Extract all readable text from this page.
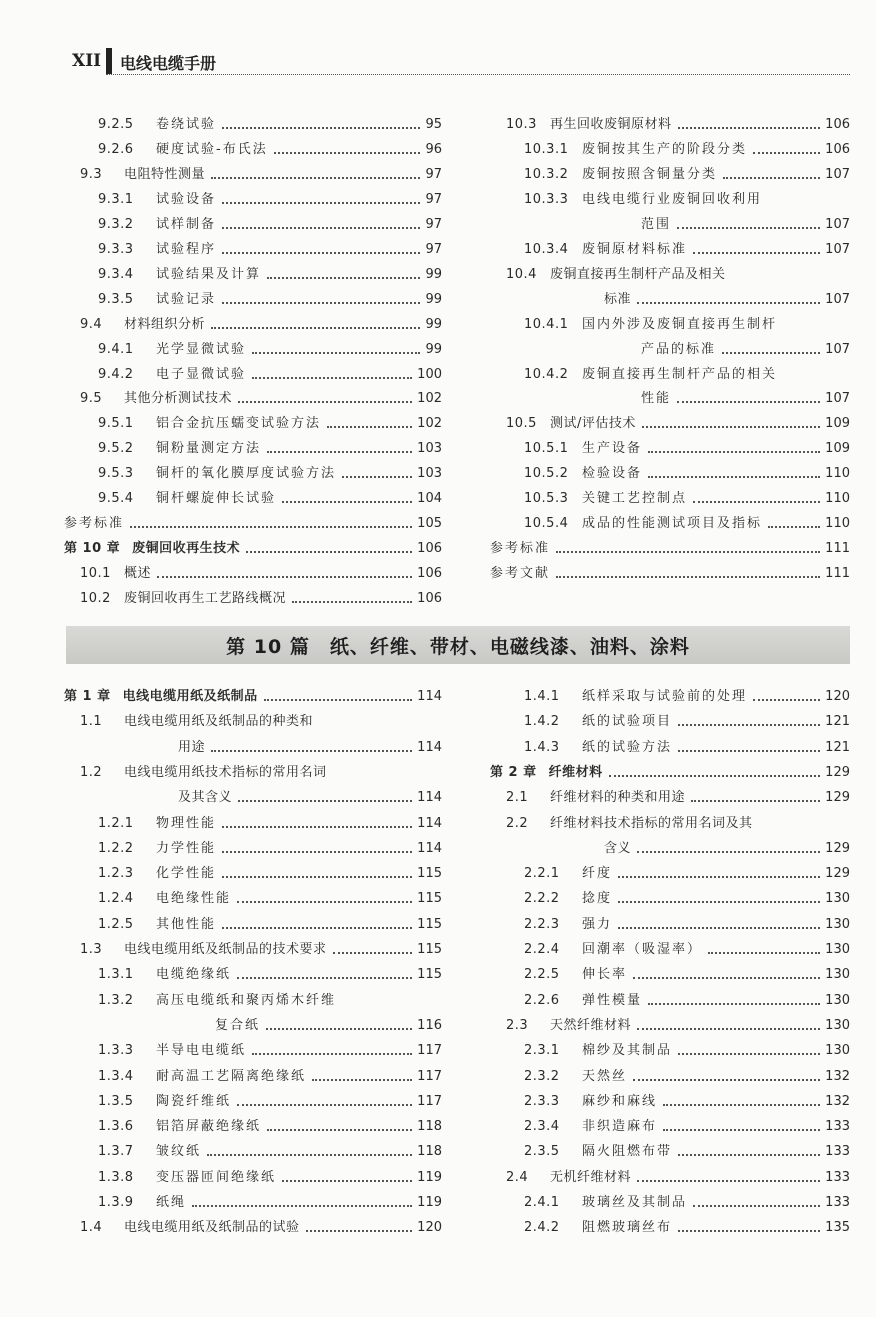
XII 电线电缆手册
9.2.5	卷绕试验	95
9.2.6	硬度试验-布氏法	96
9.3	电阻特性测量	97
9.3.1	试验设备	97
9.3.2	试样制备	97
9.3.3	试验程序	97
9.3.4	试验结果及计算	99
9.3.5	试验记录	99
9.4	材料组织分析	99
9.4.1	光学显微试验	99
9.4.2	电子显微试验	100
9.5	其他分析测试技术	102
9.5.1	铝合金抗压蠕变试验方法	102
9.5.2	铜粉量测定方法	103
9.5.3	铜杆的氧化膜厚度试验方法	103
9.5.4	铜杆螺旋伸长试验	104
参考标准	105
第 10 章 废铜回收再生技术	106
10.1	概述	106
10.2	废铜回收再生工艺路线概况	106
10.3	再生回收废铜原材料	106
10.3.1	废铜按其生产的阶段分类	106
10.3.2	废铜按照含铜量分类	107
10.3.3	电线电缆行业废铜回收利用
范围	107
10.3.4	废铜原材料标准	107
10.4	废铜直接再生制杆产品及相关
标准	107
10.4.1	国内外涉及废铜直接再生制杆
产品的标准	107
10.4.2	废铜直接再生制杆产品的相关
性能	107
10.5	测试/评估技术	109
10.5.1	生产设备	109
10.5.2	检验设备	110
10.5.3	关键工艺控制点	110
10.5.4	成品的性能测试项目及指标	110
参考标准	111
参考文献	111
第 10 篇　纸、纤维、带材、电磁线漆、油料、涂料
第 1 章 电线电缆用纸及纸制品	114
1.1	电线电缆用纸及纸制品的种类和
用途	114
1.2	电线电缆用纸技术指标的常用名词
及其含义	114
1.2.1	物理性能	114
1.2.2	力学性能	114
1.2.3	化学性能	115
1.2.4	电绝缘性能	115
1.2.5	其他性能	115
1.3	电线电缆用纸及纸制品的技术要求	115
1.3.1	电缆绝缘纸	115
1.3.2	高压电缆纸和聚丙烯木纤维
复合纸	116
1.3.3	半导电电缆纸	117
1.3.4	耐高温工艺隔离绝缘纸	117
1.3.5	陶瓷纤维纸	117
1.3.6	铝箔屏蔽绝缘纸	118
1.3.7	皱纹纸	118
1.3.8	变压器匝间绝缘纸	119
1.3.9	纸绳	119
1.4	电线电缆用纸及纸制品的试验	120
1.4.1	纸样采取与试验前的处理	120
1.4.2	纸的试验项目	121
1.4.3	纸的试验方法	121
第 2 章 纤维材料	129
2.1	纤维材料的种类和用途	129
2.2	纤维材料技术指标的常用名词及其
含义	129
2.2.1	纤度	129
2.2.2	捻度	130
2.2.3	强力	130
2.2.4	回潮率（吸湿率）	130
2.2.5	伸长率	130
2.2.6	弹性模量	130
2.3	天然纤维材料	130
2.3.1	棉纱及其制品	130
2.3.2	天然丝	132
2.3.3	麻纱和麻线	132
2.3.4	非织造麻布	133
2.3.5	隔火阻燃布带	133
2.4	无机纤维材料	133
2.4.1	玻璃丝及其制品	133
2.4.2	阻燃玻璃丝布	135
